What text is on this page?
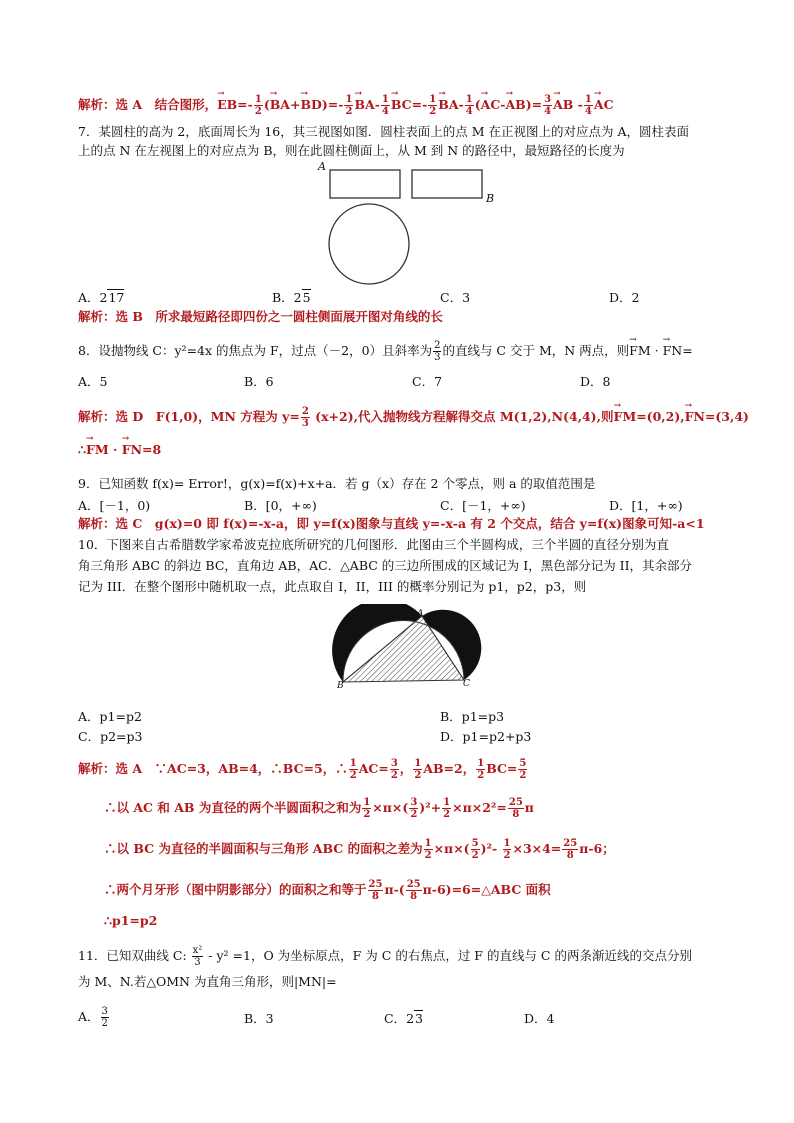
解析：选 A　结合图形，→ $EB=- \frac{1}{2}$ (→ $BA+\to BD)=- \frac{1}{2}$
→ $BA- \frac{1}{4}$
→ $BC=- \frac{1}{2}$
→ $BA- \frac{1}{4}$ (→ $AC-\to AB)= \frac{3}{4}$
→ AB - $\frac{1}{4}$
→ AC
7．某圆柱的高为 2，底面周长为 16，其三视图如图．圆柱表面上的点 M 在正视图上的对应点为 A，圆柱表面
上的点 N 在左视图上的对应点为 B，则在此圆柱侧面上，从 M 到 N 的路径中，最短路径的长度为
A
B
A．217	B．25	C．3	D．2
解析：选 B　所求最短路径即四份之一圆柱侧面展开图对角线的长
8．设抛物线 C：y²=4x 的焦点为 F，过点（－2，0）且斜率为 $\frac{2}{3}$ 的直线与 C 交于 M，N 两点，则→ FM · → FN=
A．5	B．6	C．7	D．8
解析：选 D　F(1,0)，MN 方程为 $y= \frac{2}{3} (x+2)$,代入抛物线方程解得交点 M(1,2),N(4,4),则→ FM=(0,2),→ FN=(3,4)
∴→ FM · → FN=8
9．已知函数 f(x)= Error!，g(x)=f(x)+x+a．若 g（x）存在 2 个零点，则 a 的取值范围是
A．[－1，0)	B．[0，+∞)	C．[－1，+∞)	D．[1，+∞)
解析：选 C　g(x)=0 即 f(x)=-x-a，即 y=f(x)图象与直线 y=-x-a 有 2 个交点，结合 y=f(x)图象可知-a<1
10．下图来自古希腊数学家希波克拉底所研究的几何图形．此图由三个半圆构成，三个半圆的直径分别为直
角三角形 ABC 的斜边 BC，直角边 AB，AC．△ABC 的三边所围成的区域记为 I，黑色部分记为 II，其余部分
记为 III．在整个图形中随机取一点，此点取自 I，II，III 的概率分别记为 p1，p2，p3，则
A
B	C
A．p1=p2	B．p1=p3
C．p2=p3	D．p1=p2+p3
解析：选 A　∵AC=3，AB=4，∴BC=5，∴ $\frac{1}{2} AC= \frac{3}{2}$ ， $\frac{1}{2} AB=2$， $\frac{1}{2} BC= \frac{5}{2}$
∴以 AC 和 AB 为直径的两个半圆面积之和为 $\frac{1}{2} \times\pi\times( \frac{3}{2} )^2+ \frac{1}{2} \times\pi\times 2^2= \frac{25}{8}$ π
∴以 BC 为直径的半圆面积与三角形 ABC 的面积之差为 $\frac{1}{2} \times\pi\times( \frac{5}{2} )^2- \frac{1}{2} \times 3\times 4= \frac{25}{8} \pi-6$；
∴两个月牙形（图中阴影部分）的面积之和等于 $\frac{25}{8} \pi-( \frac{25}{8}$ π-6)=6=△ABC 面积
∴p1=p2
11．已知双曲线 C: $\frac{\text{x²}}{3} - y^2 =1$，O 为坐标原点，F 为 C 的右焦点，过 F 的直线与 C 的两条渐近线的交点分别
为 M、N.若△OMN 为直角三角形，则|MN|=
A． $\frac{3}{2}$	B．3	C．23	D．4
